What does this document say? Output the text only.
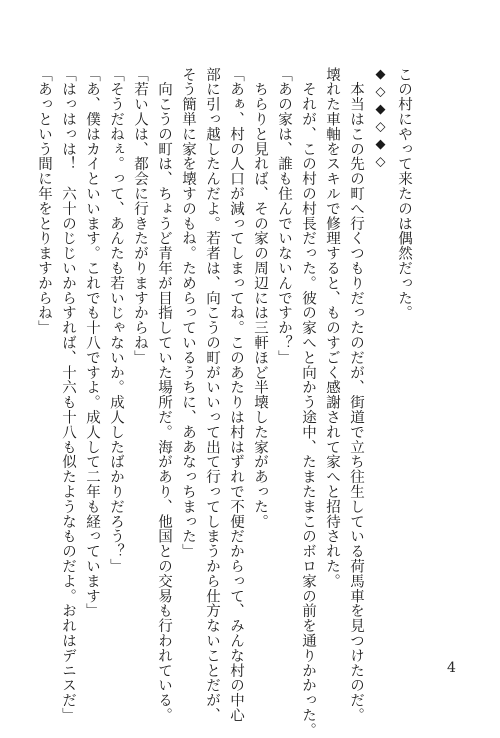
この村にやって来たのは偶然だった。
◆◇◆◇◆◇
　本当はこの先の町へ行くつもりだったのだが、街道で立ち往生している荷馬車を見つけたのだ。
壊れた車軸をスキルで修理すると、ものすごく感謝されて家へと招待された。
　それが、この村の村長だった。彼の家へと向かう途中、たまたまこのボロ家の前を通りかかった。
「あの家は、誰も住んでいないんですか？」
　ちらりと見れば、その家の周辺には三軒ほど半壊した家があった。
「あぁ、村の人口が減ってしまってね。このあたりは村はずれで不便だからって、みんな村の中心
部に引っ越したんだよ。若者は、向こうの町がいいって出て行ってしまうから仕方ないことだが、
そう簡単に家を壊すのもね。ためらっているうちに、ああなっちまった」
　向こうの町は、ちょうど青年が目指していた場所だ。海があり、他国との交易も行われている。
「若い人は、都会に行きたがりますからね」
「そうだねぇ。って、あんたも若いじゃないか。成人したばかりだろう？」
「あ、僕はカイといいます。これでも十八ですよ。成人して二年も経っています」
「はっはっは！　六十のじじいからすれば、十六も十八も似たようなものだよ。おれはデニスだ」
「あっという間に年をとりますからね」
4
